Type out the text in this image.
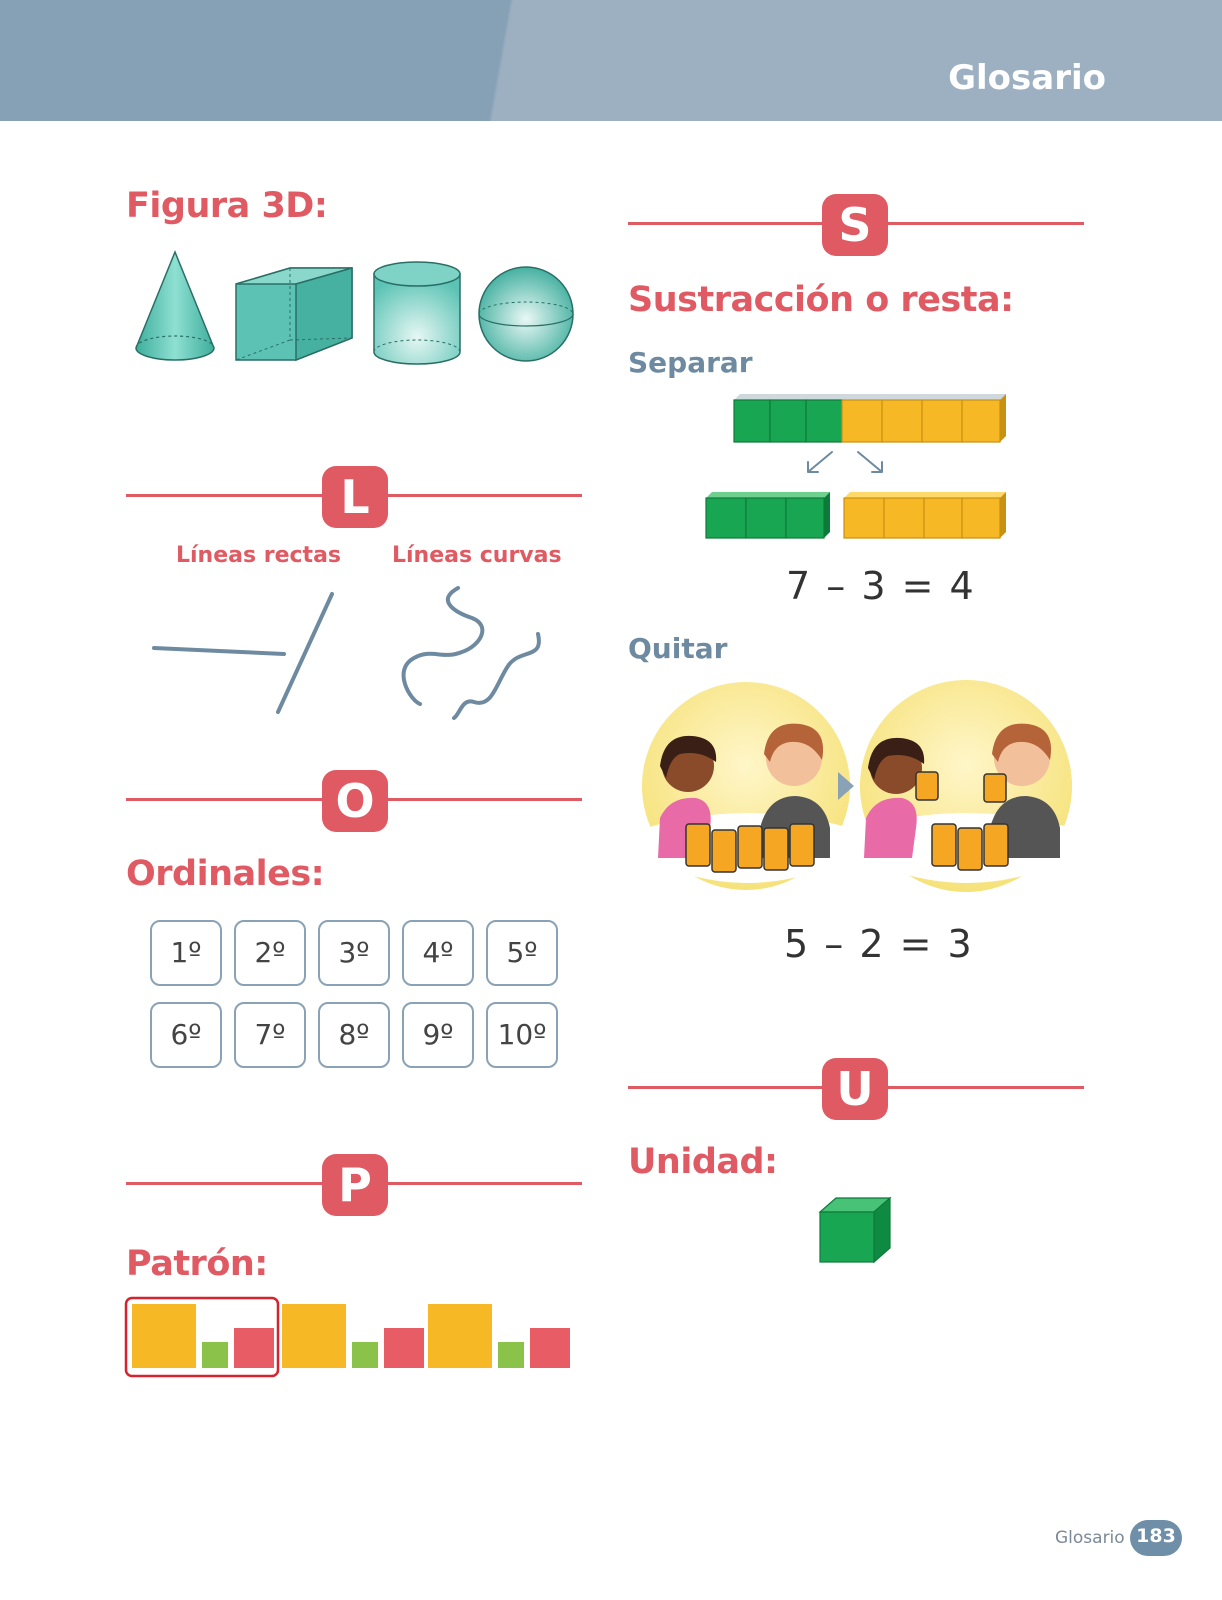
Glosario
Figura 3D:
L
Líneas rectas Líneas curvas
O
Ordinales:
1º	2º	3º	4º	5º
6º	7º	8º	9º	10º
P
Patrón:
S
Sustracción o resta:
Separar
7 – 3 = 4
Quitar
5 – 2 = 3
U
Unidad:
Glosario 183
